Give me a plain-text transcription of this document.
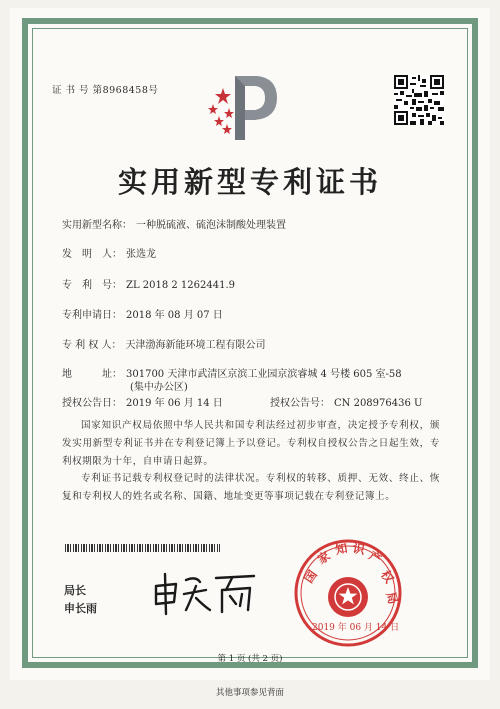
证 书 号 第8968458号
实用新型专利证书
实用新型名称： 一种脱硫液、硫泡沫制酸处理装置
发　明　人： 张选龙
专　利　号： ZL 2018 2 1262441.9
专利申请日： 2018 年 08 月 07 日
专 利 权 人： 天津渤海新能环境工程有限公司
地　　　址： 301700 天津市武清区京滨工业园京滨睿城 4 号楼 605 室-58
(集中办公区)
授权公告日： 2019 年 06 月 14 日	授权公告号： CN 208976436 U
国家知识产权局依照中华人民共和国专利法经过初步审查，决定授予专利权，颁发实用新型专利证书并在专利登记簿上予以登记。专利权自授权公告之日起生效，专利权期限为十年，自申请日起算。
专利证书记载专利权登记时的法律状况。专利权的转移、质押、无效、终止、恢复和专利权人的姓名或名称、国籍、地址变更等事项记载在专利登记簿上。
局长
申长雨
国
家 知 识 产
权
局
2019 年 06 月 14 日
第 1 页 (共 2 页)
其他事项参见背面
